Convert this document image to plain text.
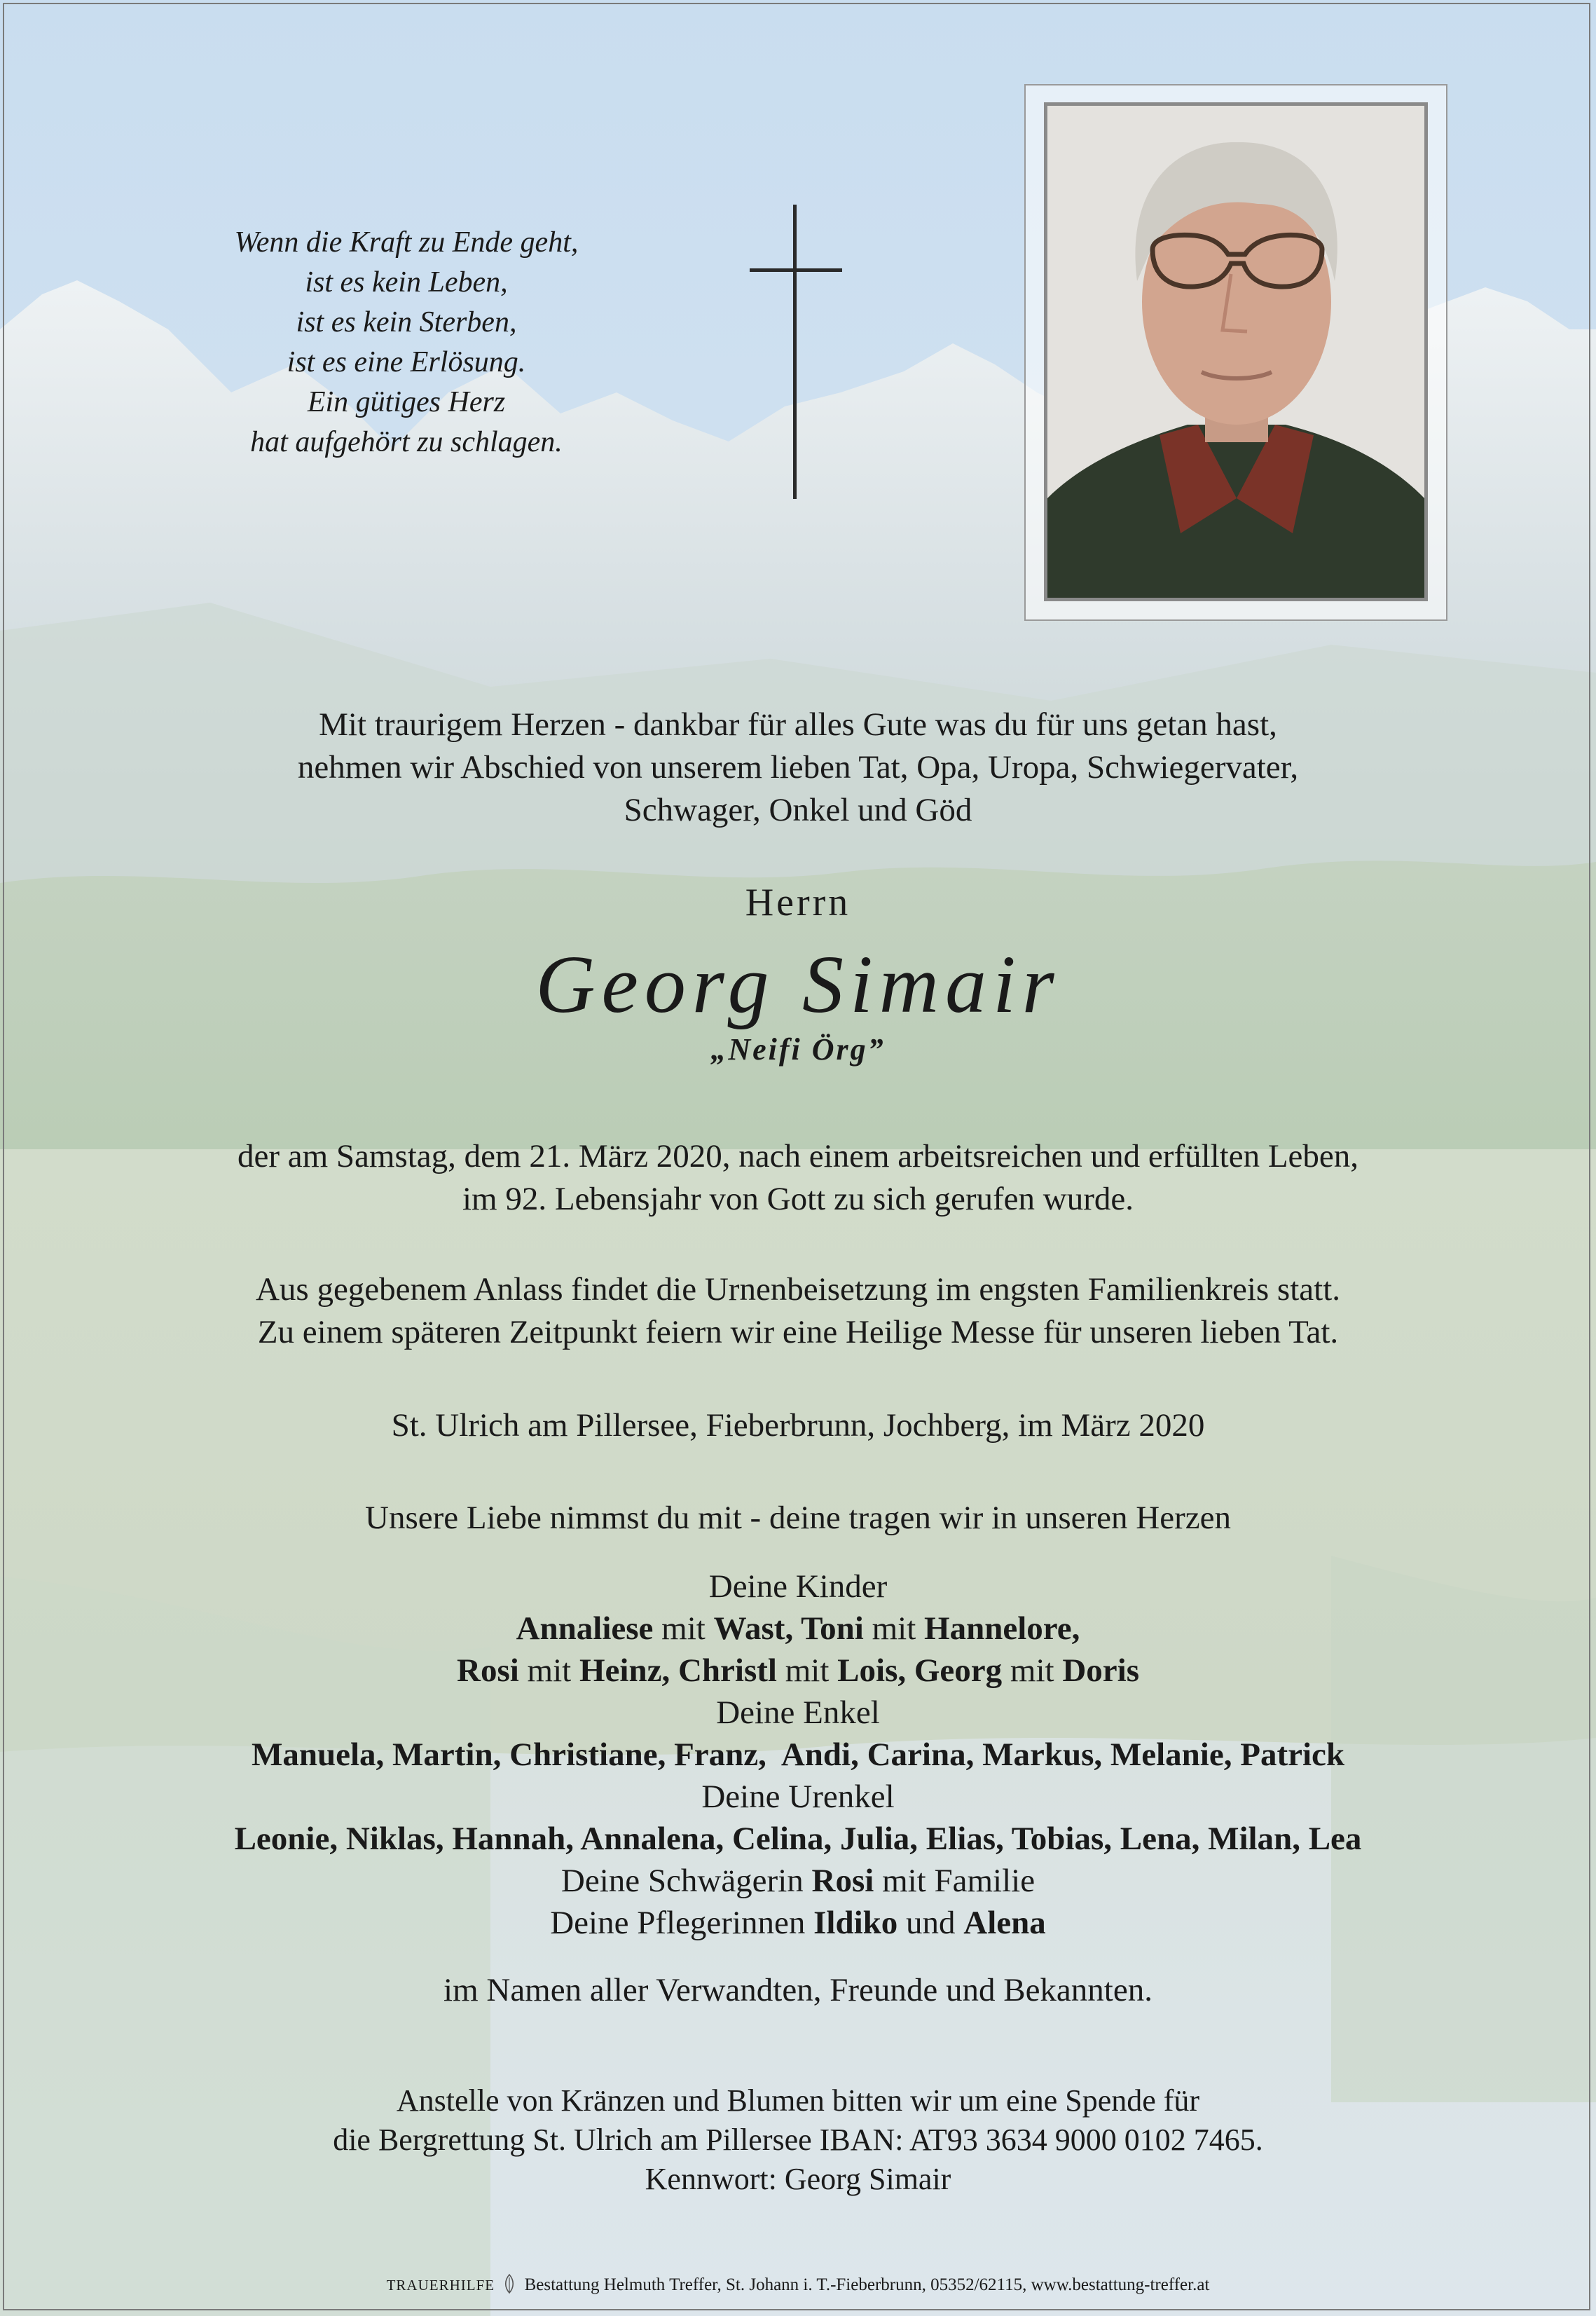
Wenn die Kraft zu Ende geht,
ist es kein Leben,
ist es kein Sterben,
ist es eine Erlösung.
Ein gütiges Herz
hat aufgehört zu schlagen.
Mit traurigem Herzen - dankbar für alles Gute was du für uns getan hast,
nehmen wir Abschied von unserem lieben Tat, Opa, Uropa, Schwiegervater,
Schwager, Onkel und Göd
Herrn
Georg Simair
„Neifi Örg”
der am Samstag, dem 21. März 2020, nach einem arbeitsreichen und erfüllten Leben,
im 92. Lebensjahr von Gott zu sich gerufen wurde.
Aus gegebenem Anlass findet die Urnenbeisetzung im engsten Familienkreis statt.
Zu einem späteren Zeitpunkt feiern wir eine Heilige Messe für unseren lieben Tat.
St. Ulrich am Pillersee, Fieberbrunn, Jochberg, im März 2020
Unsere Liebe nimmst du mit - deine tragen wir in unseren Herzen
Deine Kinder
Annaliese mit Wast, Toni mit Hannelore,
Rosi mit Heinz, Christl mit Lois, Georg mit Doris
Deine Enkel
Manuela, Martin, Christiane, Franz,  Andi, Carina, Markus, Melanie, Patrick
Deine Urenkel
Leonie, Niklas, Hannah, Annalena, Celina, Julia, Elias, Tobias, Lena, Milan, Lea
Deine Schwägerin Rosi mit Familie
Deine Pflegerinnen Ildiko und Alena
im Namen aller Verwandten, Freunde und Bekannten.
Anstelle von Kränzen und Blumen bitten wir um eine Spende für
die Bergrettung St. Ulrich am Pillersee IBAN: AT93 3634 9000 0102 7465.
Kennwort: Georg Simair
TRAUERHILFE Bestattung Helmuth Treffer, St. Johann i. T.-Fieberbrunn, 05352/62115, www.bestattung-treffer.at
